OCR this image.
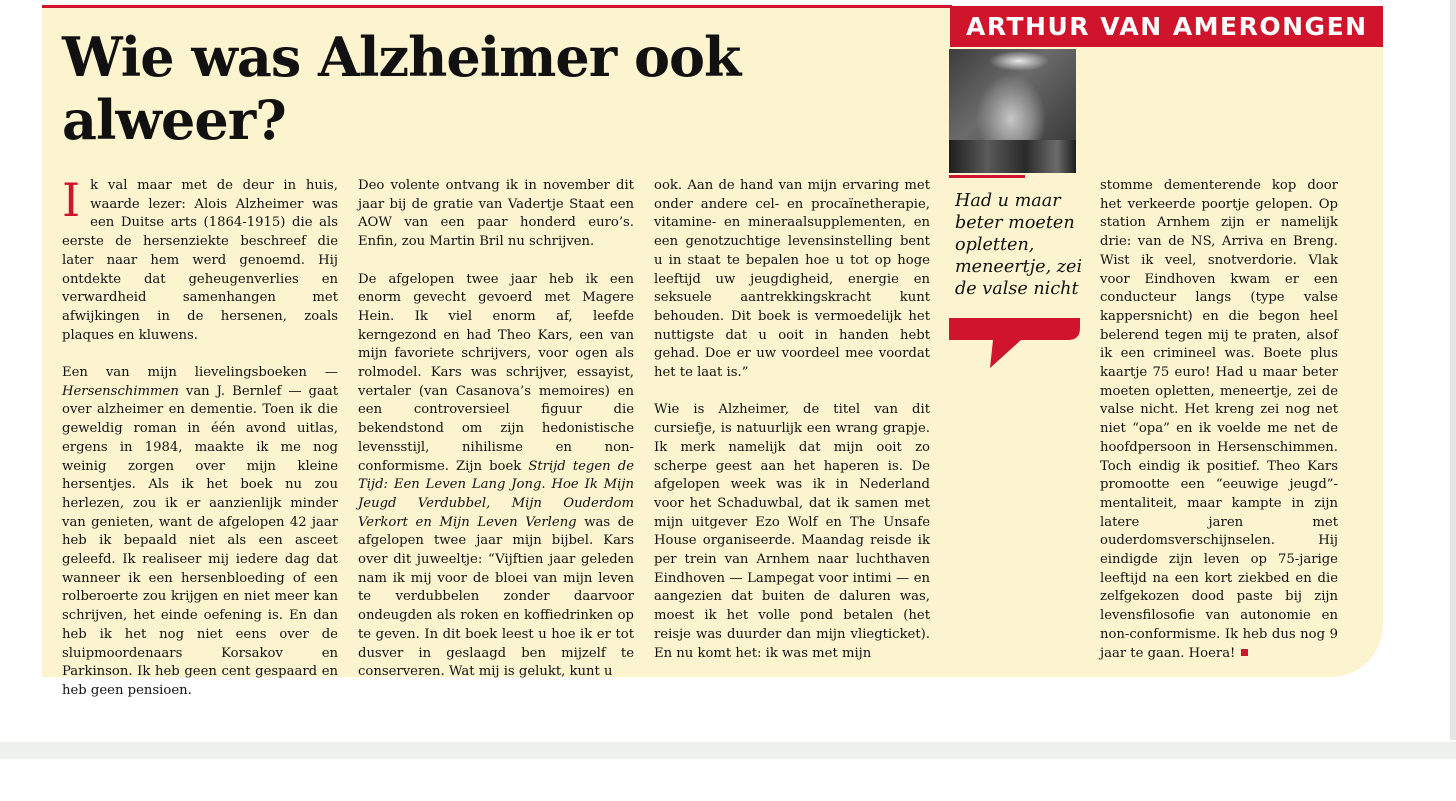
ARTHUR VAN AMERONGEN
Wie was Alzheimer ook alweer?

Had u maar beter moeten opletten, meneertje, zei de valse nicht

Ik val maar met de deur in huis, waarde lezer: Alois Alzheimer was een Duitse arts (1864-1915) die als eerste de hersenziekte beschreef die later naar hem werd genoemd. Hij ontdekte dat geheugenverlies en verwardheid samenhangen met afwijkingen in de hersenen, zoals plaques en kluwens.

Een van mijn lievelingsboeken — Hersenschimmen van J. Bernlef — gaat over alzheimer en dementie. Toen ik die geweldig roman in één avond uitlas, ergens in 1984, maakte ik me nog weinig zorgen over mijn kleine hersentjes. Als ik het boek nu zou herlezen, zou ik er aanzienlijk minder van genieten, want de afgelopen 42 jaar heb ik bepaald niet als een asceet geleefd. Ik realiseer mij iedere dag dat wanneer ik een hersenbloeding of een rolberoerte zou krijgen en niet meer kan schrijven, het einde oefening is. En dan heb ik het nog niet eens over de sluipmoordenaars Korsakov en Parkinson. Ik heb geen cent gespaard en heb geen pensioen.

Deo volente ontvang ik in november dit jaar bij de gratie van Vadertje Staat een AOW van een paar honderd euro’s. Enfin, zou Martin Bril nu schrijven.

De afgelopen twee jaar heb ik een enorm gevecht gevoerd met Magere Hein. Ik viel enorm af, leefde kerngezond en had Theo Kars, een van mijn favoriete schrijvers, voor ogen als rolmodel. Kars was schrijver, essayist, vertaler (van Casanova’s memoires) en een controversieel figuur die bekendstond om zijn hedonistische levensstijl, nihilisme en non-conformisme. Zijn boek Strijd tegen de Tijd: Een Leven Lang Jong. Hoe Ik Mijn Jeugd Verdubbel, Mijn Ouderdom Verkort en Mijn Leven Verleng was de afgelopen twee jaar mijn bijbel. Kars over dit juweeltje: “Vijftien jaar geleden nam ik mij voor de bloei van mijn leven te verdubbelen zonder daarvoor ondeugden als roken en koffiedrinken op te geven. In dit boek leest u hoe ik er tot dusver in geslaagd ben mijzelf te conserveren. Wat mij is gelukt, kunt u

ook. Aan de hand van mijn ervaring met onder andere cel- en procaïnetherapie, vitamine- en mineraalsupplementen, en een genotzuchtige levensinstelling bent u in staat te bepalen hoe u tot op hoge leeftijd uw jeugdigheid, energie en seksuele aantrekkingskracht kunt behouden. Dit boek is vermoedelijk het nuttigste dat u ooit in handen hebt gehad. Doe er uw voordeel mee voordat het te laat is.”

Wie is Alzheimer, de titel van dit cursiefje, is natuurlijk een wrang grapje. Ik merk namelijk dat mijn ooit zo scherpe geest aan het haperen is. De afgelopen week was ik in Nederland voor het Schaduwbal, dat ik samen met mijn uitgever Ezo Wolf en The Unsafe House organiseerde. Maandag reisde ik per trein van Arnhem naar luchthaven Eindhoven — Lampegat voor intimi — en aangezien dat buiten de daluren was, moest ik het volle pond betalen (het reisje was duurder dan mijn vliegticket). En nu komt het: ik was met mijn

stomme dementerende kop door het verkeerde poortje gelopen. Op station Arnhem zijn er namelijk drie: van de NS, Arriva en Breng. Wist ik veel, snotverdorie. Vlak voor Eindhoven kwam er een conducteur langs (type valse kappersnicht) en die begon heel belerend tegen mij te praten, alsof ik een crimineel was. Boete plus kaartje 75 euro! Had u maar beter moeten opletten, meneertje, zei de valse nicht. Het kreng zei nog net niet “opa” en ik voelde me net de hoofdpersoon in Hersenschimmen. Toch eindig ik positief. Theo Kars promootte een “eeuwige jeugd”-mentaliteit, maar kampte in zijn latere jaren met ouderdomsverschijnselen. Hij eindigde zijn leven op 75-jarige leeftijd na een kort ziekbed en die zelfgekozen dood paste bij zijn levensfilosofie van autonomie en non-conformisme. Ik heb dus nog 9 jaar te gaan. Hoera!
